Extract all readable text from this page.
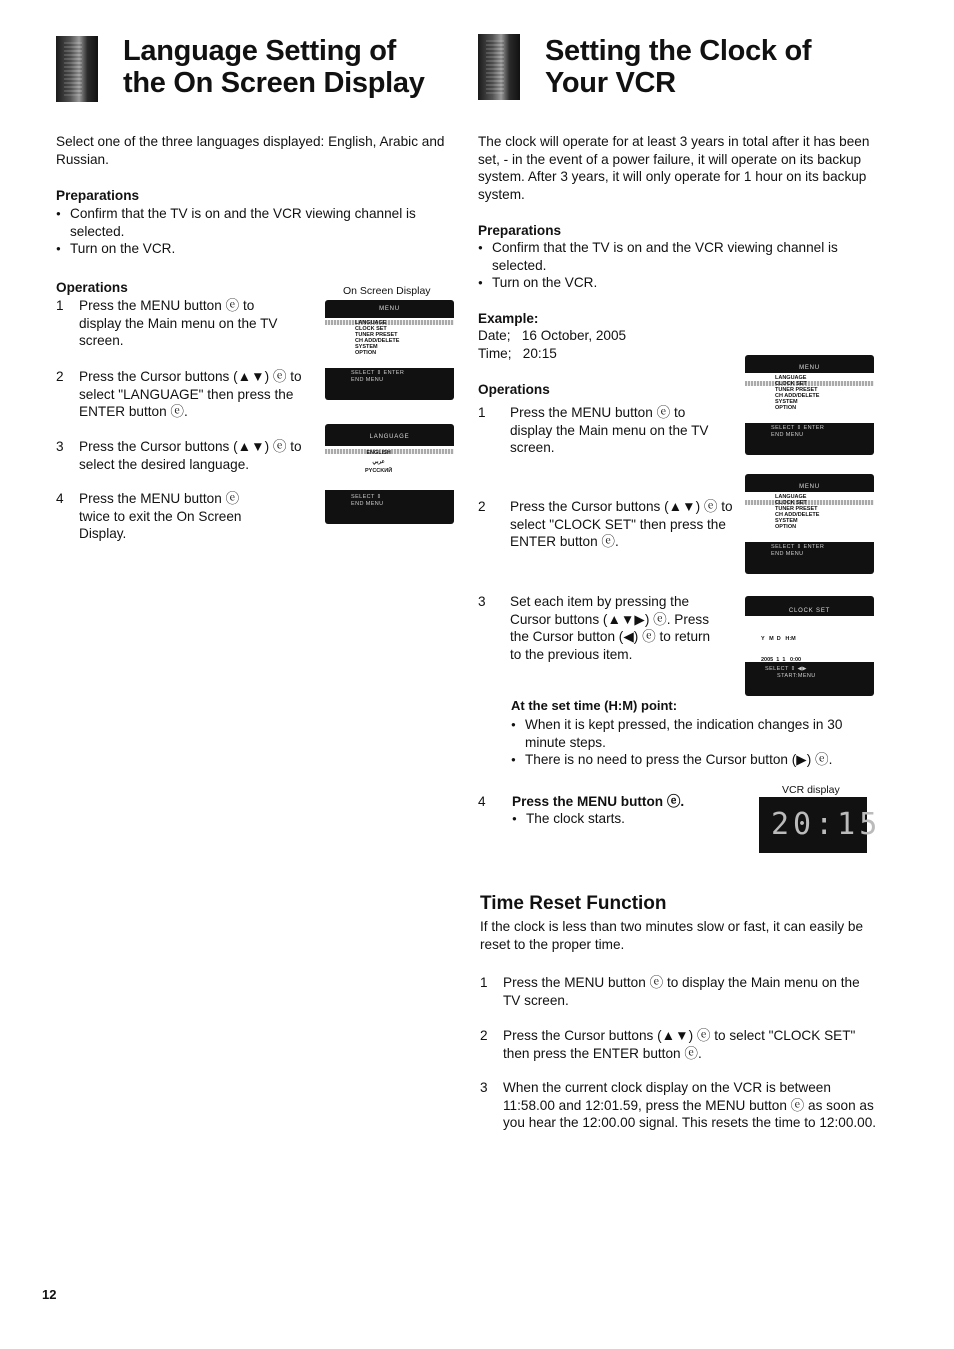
Language Setting of
the On Screen Display
Setting the Clock of
Your VCR

Select one of the three languages displayed: English, Arabic and Russian.

Preparations
● Confirm that the TV is on and the VCR viewing channel is selected.
● Turn on the VCR.
Operations	On Screen Display
1 Press the MENU button ⓔ to display the Main menu on the TV screen.
2 Press the Cursor buttons (▲▼) ⓔ to select "LANGUAGE" then press the ENTER button ⓔ.
3 Press the Cursor buttons (▲▼) ⓔ to select the desired language.
4 Press the MENU button ⓔ twice to exit the On Screen Display.
MENU
LANGUAGE
CLOCK SET
TUNER PRESET
CH ADD/DELETE
SYSTEM
OPTION
SELECT ⇕ ENTER
END MENU
LANGUAGE
ENGLISH
عربي
PYCCKИЙ
SELECT ⇕
END MENU

The clock will operate for at least 3 years in total after it has been set, - in the event of a power failure, it will operate on its backup system. After 3 years, it will only operate for 1 hour on its backup system.

Preparations
● Confirm that the TV is on and the VCR viewing channel is selected.
● Turn on the VCR.
Example:
Date;   16 October, 2005
Time;   20:15
Operations
1 Press the MENU button ⓔ to display the Main menu on the TV screen.
2 Press the Cursor buttons (▲▼) ⓔ to select "CLOCK SET" then press the ENTER button ⓔ.
3 Set each item by pressing the Cursor buttons (▲▼▶) ⓔ. Press the Cursor button (◀) ⓔ to return to the previous item.
At the set time (H:M) point:
● When it is kept pressed, the indication changes in 30 minute steps.
● There is no need to press the Cursor button (▶) ⓔ.
4 Press the MENU button ⓔ.
● The clock starts.
VCR display
20:15
MENU
LANGUAGE
CLOCK SET
TUNER PRESET
CH ADD/DELETE
SYSTEM
OPTION
SELECT ⇕ ENTER
END MENU
MENU
LANGUAGE
CLOCK SET
TUNER PRESET
CH ADD/DELETE
SYSTEM
OPTION
SELECT ⇕ ENTER
END MENU
CLOCK SET

Y   M  D   H:M

2005  1  1   0:00

SELECT ⇕ ◀▶
START:MENU
Time Reset Function

If the clock is less than two minutes slow or fast, it can easily be reset to the proper time.

1 Press the MENU button ⓔ to display the Main menu on the TV screen.
2 Press the Cursor buttons (▲▼) ⓔ to select "CLOCK SET" then press the ENTER button ⓔ.
3 When the current clock display on the VCR is between 11:58.00 and 12:01.59, press the MENU button ⓔ as soon as you hear the 12:00.00 signal. This resets the time to 12:00.00.
12
